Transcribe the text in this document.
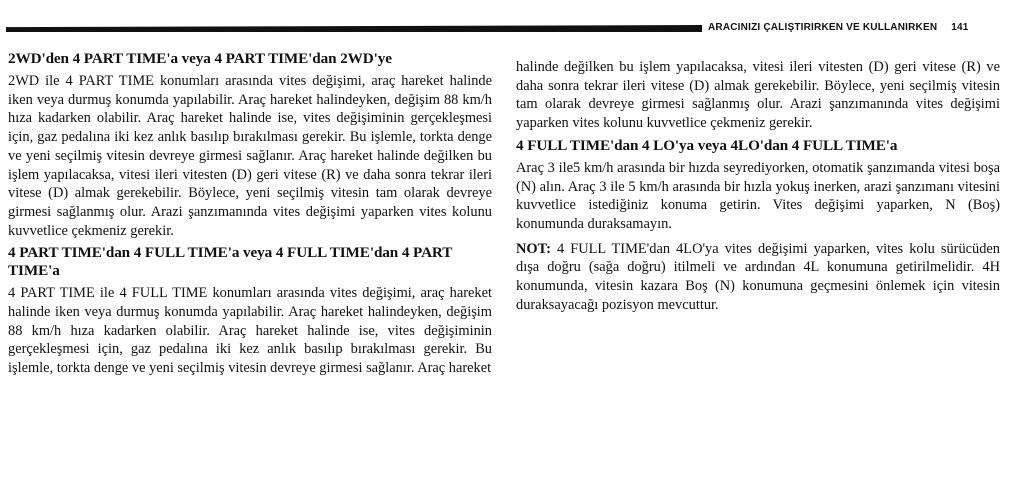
ARACINIZI ÇALIŞTIRIRKEN VE KULLANIRKEN 141
2WD'den 4 PART TIME'a veya 4 PART TIME'dan 2WD'ye

2WD ile 4 PART TIME konumları arasında vites değişimi, araç hareket halinde iken veya durmuş konumda yapılabilir. Araç hareket halindeyken, değişim 88 km/h hıza kadarken olabilir. Araç hareket halinde ise, vites değişiminin gerçekleşmesi için, gaz pedalına iki kez anlık basılıp bırakılması gerekir. Bu işlemle, torkta denge ve yeni seçilmiş vitesin devreye girmesi sağlanır. Araç hareket halinde değilken bu işlem yapılacaksa, vitesi ileri vitesten (D) geri vitese (R) ve daha sonra tekrar ileri vitese (D) almak gerekebilir. Böylece, yeni seçilmiş vitesin tam olarak devreye girmesi sağlanmış olur. Arazi şanzımanında vites değişimi yaparken vites kolunu kuvvetlice çekmeniz gerekir.

4 PART TIME'dan 4 FULL TIME'a veya 4 FULL TIME'dan 4 PART TIME'a

4 PART TIME ile 4 FULL TIME konumları arasında vites değişimi, araç hareket halinde iken veya durmuş konumda yapılabilir. Araç hareket halindeyken, değişim 88 km/h hıza kadarken olabilir. Araç hareket halinde ise, vites değişiminin gerçekleşmesi için, gaz pedalına iki kez anlık basılıp bırakılması gerekir. Bu işlemle, torkta denge ve yeni seçilmiş vitesin devreye girmesi sağlanır. Araç hareket

halinde değilken bu işlem yapılacaksa, vitesi ileri vitesten (D) geri vitese (R) ve daha sonra tekrar ileri vitese (D) almak gerekebilir. Böylece, yeni seçilmiş vitesin tam olarak devreye girmesi sağlanmış olur. Arazi şanzımanında vites değişimi yaparken vites kolunu kuvvetlice çekmeniz gerekir.

4 FULL TIME'dan 4 LO'ya veya 4LO'dan 4 FULL TIME'a

Araç 3 ile5 km/h arasında bir hızda seyrediyorken, otomatik şanzımanda vitesi boşa (N) alın. Araç 3 ile 5 km/h arasında bir hızla yokuş inerken, arazi şanzımanı vitesini kuvvetlice istediğiniz konuma getirin. Vites değişimi yaparken, N (Boş) konumunda duraksamayın.

NOT: 4 FULL TIME'dan 4LO'ya vites değişimi yaparken, vites kolu sürücüden dışa doğru (sağa doğru) itilmeli ve ardından 4L konumuna getirilmelidir. 4H konumunda, vitesin kazara Boş (N) konumuna geçmesini önlemek için vitesin duraksayacağı pozisyon mevcuttur.
